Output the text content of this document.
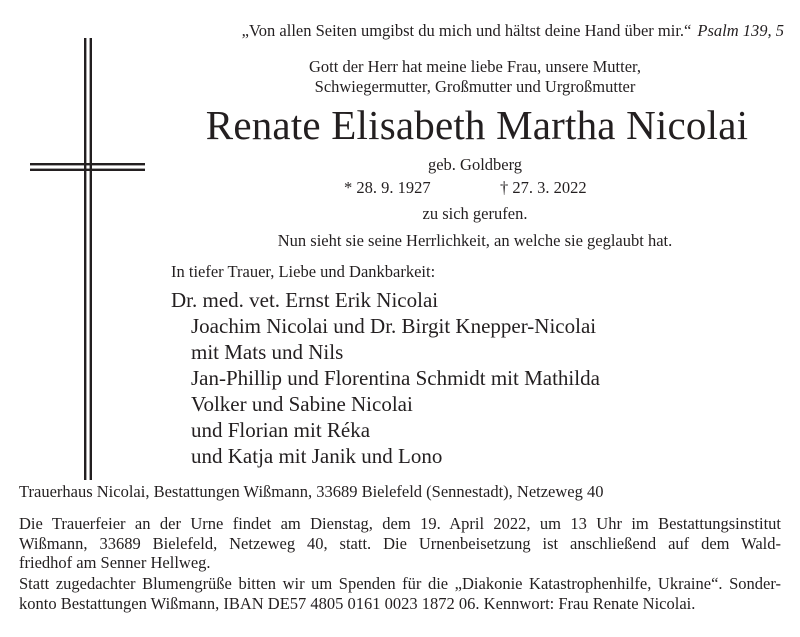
„Von allen Seiten umgibst du mich und hältst deine Hand über mir.“ Psalm 139, 5
Gott der Herr hat meine liebe Frau, unsere Mutter,
Schwiegermutter, Großmutter und Urgroßmutter
Renate Elisabeth Martha Nicolai
geb. Goldberg
* 28. 9. 1927	† 27. 3. 2022
zu sich gerufen.
Nun sieht sie seine Herrlichkeit, an welche sie geglaubt hat.
In tiefer Trauer, Liebe und Dankbarkeit:
Dr. med. vet. Ernst Erik Nicolai
Joachim Nicolai und Dr. Birgit Knepper-Nicolai
mit Mats und Nils
Jan-Phillip und Florentina Schmidt mit Mathilda
Volker und Sabine Nicolai
und Florian mit Réka
und Katja mit Janik und Lono
Trauerhaus Nicolai, Bestattungen Wißmann, 33689 Bielefeld (Sennestadt), Netzeweg 40
Die Trauerfeier an der Urne findet am Dienstag, dem 19. April 2022, um 13 Uhr im Bestattungsinstitut
Wißmann, 33689 Bielefeld, Netzeweg 40, statt. Die Urnenbeisetzung ist anschließend auf dem Wald-
friedhof am Senner Hellweg.
Statt zugedachter Blumengrüße bitten wir um Spenden für die „Diakonie Katastrophenhilfe, Ukraine“. Sonder-
konto Bestattungen Wißmann, IBAN DE57 4805 0161 0023 1872 06. Kennwort: Frau Renate Nicolai.
